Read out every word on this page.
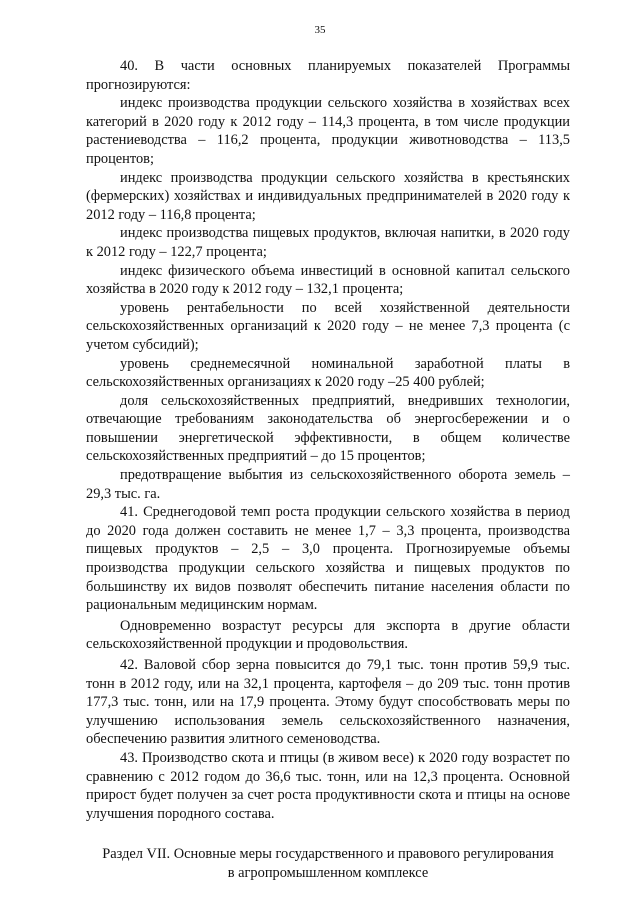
35

40. В части основных планируемых показателей Программы прогнозируются:

индекс производства продукции сельского хозяйства в хозяйствах всех категорий в 2020 году к 2012 году – 114,3 процента, в том числе продукции растениеводства – 116,2 процента, продукции животноводства – 113,5 процентов;

индекс производства продукции сельского хозяйства в крестьянских (фермерских) хозяйствах и индивидуальных предпринимателей в 2020 году к 2012 году – 116,8 процента;

индекс производства пищевых продуктов, включая напитки, в 2020 году к 2012 году – 122,7 процента;

индекс физического объема инвестиций в основной капитал сельского хозяйства в 2020 году к 2012 году – 132,1 процента;

уровень рентабельности по всей хозяйственной деятельности сельскохозяйственных организаций к 2020 году – не менее 7,3 процента (с учетом субсидий);

уровень среднемесячной номинальной заработной платы в сельскохозяйственных организациях к 2020 году –25 400 рублей;

доля сельскохозяйственных предприятий, внедривших технологии, отвечающие требованиям законодательства об энергосбережении и о повышении энергетической эффективности, в общем количестве сельскохозяйственных предприятий – до 15 процентов;

предотвращение выбытия из сельскохозяйственного оборота земель – 29,3 тыс. га.

41. Среднегодовой темп роста продукции сельского хозяйства в период до 2020 года должен составить не менее 1,7 – 3,3 процента, производства пищевых продуктов – 2,5 – 3,0 процента. Прогнозируемые объемы производства продукции сельского хозяйства и пищевых продуктов по большинству их видов позволят обеспечить питание населения области по рациональным медицинским нормам.

Одновременно возрастут ресурсы для экспорта в другие области сельскохозяйственной продукции и продовольствия.

42. Валовой сбор зерна повысится до 79,1 тыс. тонн против 59,9 тыс. тонн в 2012 году, или на 32,1 процента, картофеля – до 209 тыс. тонн против 177,3 тыс. тонн, или на 17,9 процента. Этому будут способствовать меры по улучшению использования земель сельскохозяйственного назначения, обеспечению развития элитного семеноводства.

43. Производство скота и птицы (в живом весе) к 2020 году возрастет по сравнению с 2012 годом до 36,6 тыс. тонн, или на 12,3 процента. Основной прирост будет получен за счет роста продуктивности скота и птицы на основе улучшения породного состава.

Раздел VII. Основные меры государственного и правового регулирования
в агропромышленном комплексе
